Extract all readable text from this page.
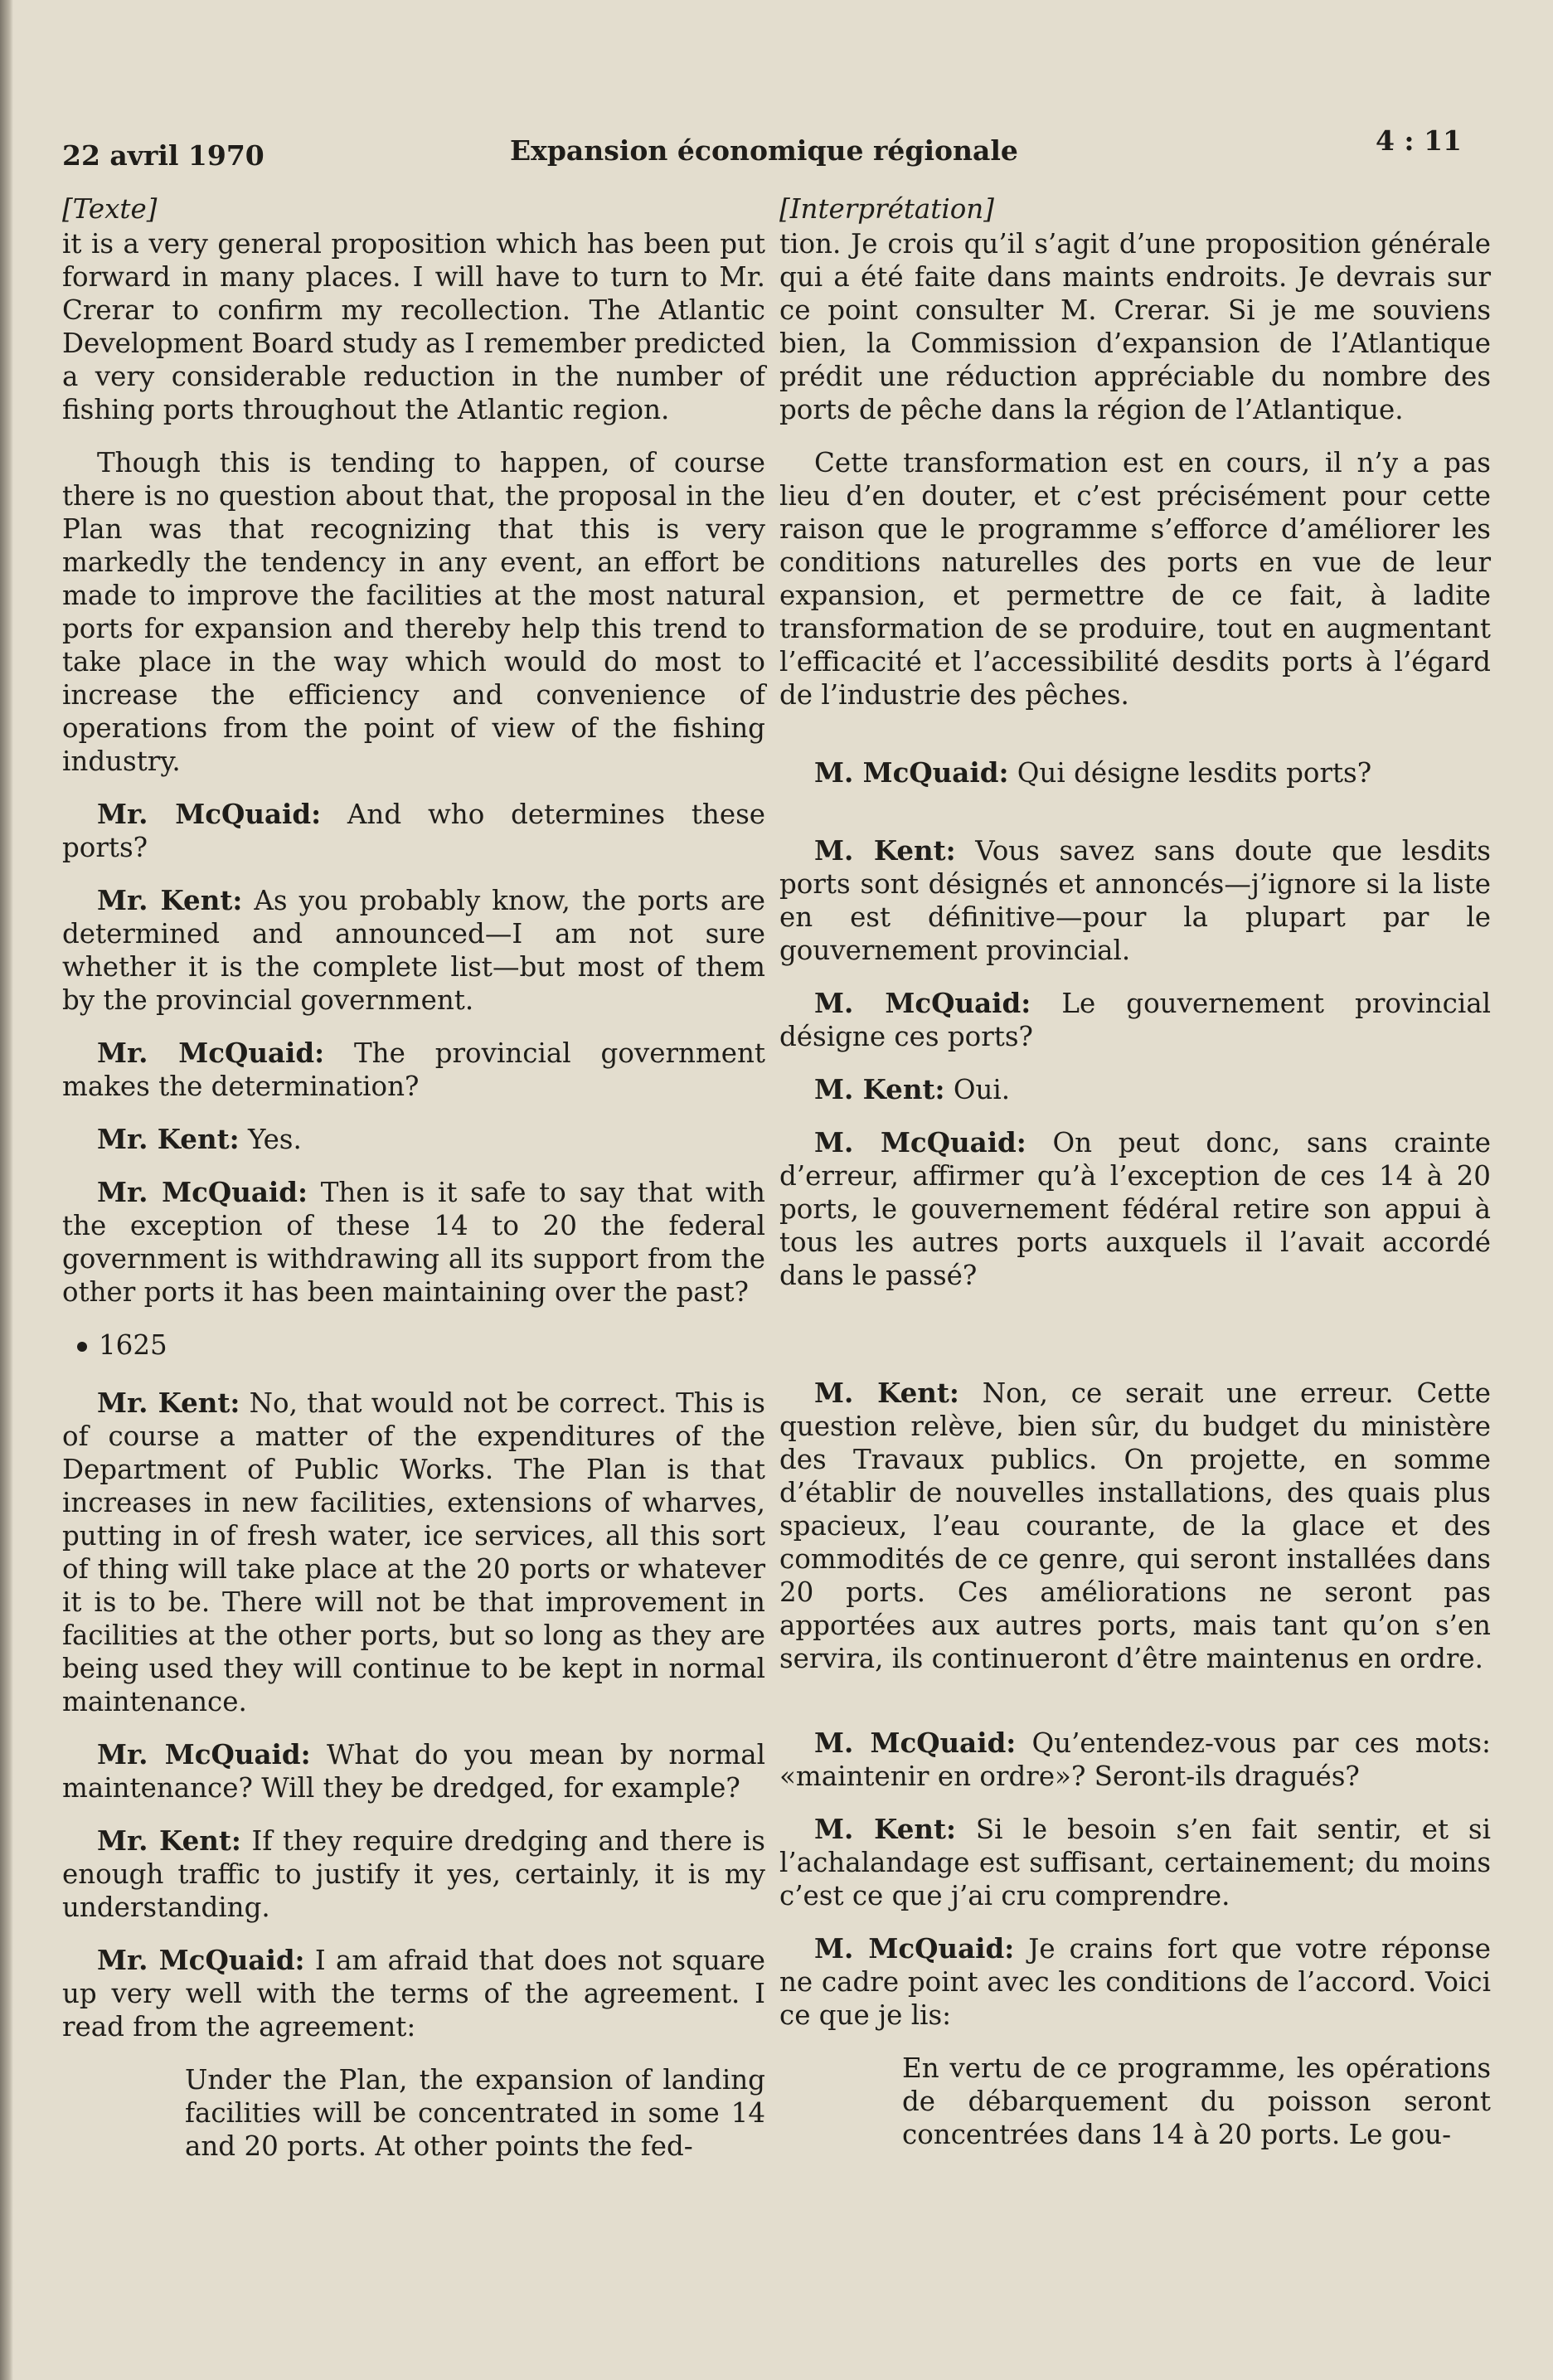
22 avril 1970	Expansion économique régionale	4 : 11
[Texte]

it is a very general proposition which has been put forward in many places. I will have to turn to Mr. Crerar to confirm my recollection. The Atlantic Development Board study as I remember predicted a very considerable reduction in the number of fishing ports throughout the Atlantic region.

Though this is tending to happen, of course there is no question about that, the proposal in the Plan was that recognizing that this is very markedly the tendency in any event, an effort be made to improve the facilities at the most natural ports for expansion and thereby help this trend to take place in the way which would do most to increase the efficiency and convenience of operations from the point of view of the fishing industry.

Mr. McQuaid: And who determines these ports?

Mr. Kent: As you probably know, the ports are determined and announced—I am not sure whether it is the complete list—but most of them by the provincial government.

Mr. McQuaid: The provincial government makes the determination?

Mr. Kent: Yes.

Mr. McQuaid: Then is it safe to say that with the exception of these 14 to 20 the federal government is withdrawing all its support from the other ports it has been maintaining over the past?

1625

Mr. Kent: No, that would not be correct. This is of course a matter of the expenditures of the Department of Public Works. The Plan is that increases in new facilities, extensions of wharves, putting in of fresh water, ice services, all this sort of thing will take place at the 20 ports or whatever it is to be. There will not be that improvement in facilities at the other ports, but so long as they are being used they will continue to be kept in normal maintenance.

Mr. McQuaid: What do you mean by normal maintenance? Will they be dredged, for example?

Mr. Kent: If they require dredging and there is enough traffic to justify it yes, certainly, it is my understanding.

Mr. McQuaid: I am afraid that does not square up very well with the terms of the agreement. I read from the agreement:

Under the Plan, the expansion of landing facilities will be concentrated in some 14 and 20 ports. At other points the fed-

[Interprétation]

tion. Je crois qu’il s’agit d’une proposition générale qui a été faite dans maints endroits. Je devrais sur ce point consulter M. Crerar. Si je me souviens bien, la Commission d’expansion de l’Atlantique prédit une réduction appréciable du nombre des ports de pêche dans la région de l’Atlantique.

Cette transformation est en cours, il n’y a pas lieu d’en douter, et c’est précisément pour cette raison que le programme s’efforce d’améliorer les conditions naturelles des ports en vue de leur expansion, et permettre de ce fait, à ladite transformation de se produire, tout en augmentant l’efficacité et l’accessibilité desdits ports à l’égard de l’industrie des pêches.

M. McQuaid: Qui désigne lesdits ports?

M. Kent: Vous savez sans doute que lesdits ports sont désignés et annoncés—j’ignore si la liste en est définitive—pour la plupart par le gouvernement provincial.

M. McQuaid: Le gouvernement provincial désigne ces ports?

M. Kent: Oui.

M. McQuaid: On peut donc, sans crainte d’erreur, affirmer qu’à l’exception de ces 14 à 20 ports, le gouvernement fédéral retire son appui à tous les autres ports auxquels il l’avait accordé dans le passé?

M. Kent: Non, ce serait une erreur. Cette question relève, bien sûr, du budget du ministère des Travaux publics. On projette, en somme d’établir de nouvelles installations, des quais plus spacieux, l’eau courante, de la glace et des commodités de ce genre, qui seront installées dans 20 ports. Ces améliorations ne seront pas apportées aux autres ports, mais tant qu’on s’en servira, ils continueront d’être maintenus en ordre.

M. McQuaid: Qu’entendez-vous par ces mots: «maintenir en ordre»? Seront-ils dragués?

M. Kent: Si le besoin s’en fait sentir, et si l’achalandage est suffisant, certainement; du moins c’est ce que j’ai cru comprendre.

M. McQuaid: Je crains fort que votre réponse ne cadre point avec les conditions de l’accord. Voici ce que je lis:

En vertu de ce programme, les opérations de débarquement du poisson seront concentrées dans 14 à 20 ports. Le gou-
